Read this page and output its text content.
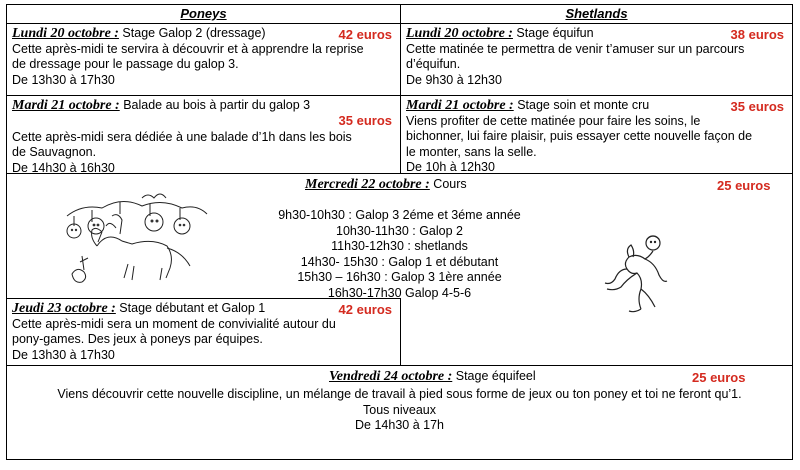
Poneys	Shetlands
Lundi 20 octobre : Stage Galop 2 (dressage)	42 euros
Cette après-midi te servira à découvrir et à apprendre la reprise
de dressage pour le passage du galop 3.
De 13h30 à 17h30
Lundi 20 octobre : Stage équifun	38 euros
Cette matinée te permettra de venir t’amuser sur un parcours
d’équifun.
De 9h30 à 12h30
Mardi 21 octobre : Balade au bois à partir du galop 3
35 euros
Cette après-midi sera dédiée à une balade d’1h dans les bois
de Sauvagnon.
De 14h30 à 16h30
Mardi 21 octobre : Stage soin et monte cru	35 euros
Viens profiter de cette matinée pour faire les soins, le
bichonner, lui faire plaisir, puis essayer cette nouvelle façon de
le monter, sans la selle.
De 10h à 12h30
Mercredi 22 octobre : Cours	25 euros
9h30-10h30 : Galop 3 2éme et 3éme année
10h30-11h30 : Galop 2
11h30-12h30 : shetlands
14h30- 15h30 : Galop 1 et débutant
15h30 – 16h30 : Galop 3 1ère année
16h30-17h30 Galop 4-5-6
Jeudi 23 octobre : Stage débutant et Galop 1	42 euros
Cette après-midi sera un moment de convivialité autour du
pony-games. Des jeux à poneys par équipes.
De 13h30 à 17h30
Vendredi 24 octobre : Stage équifeel	25 euros
Viens découvrir cette nouvelle discipline, un mélange de travail à pied sous forme de jeux ou ton poney et toi ne feront qu’1.
Tous niveaux
De 14h30 à 17h
